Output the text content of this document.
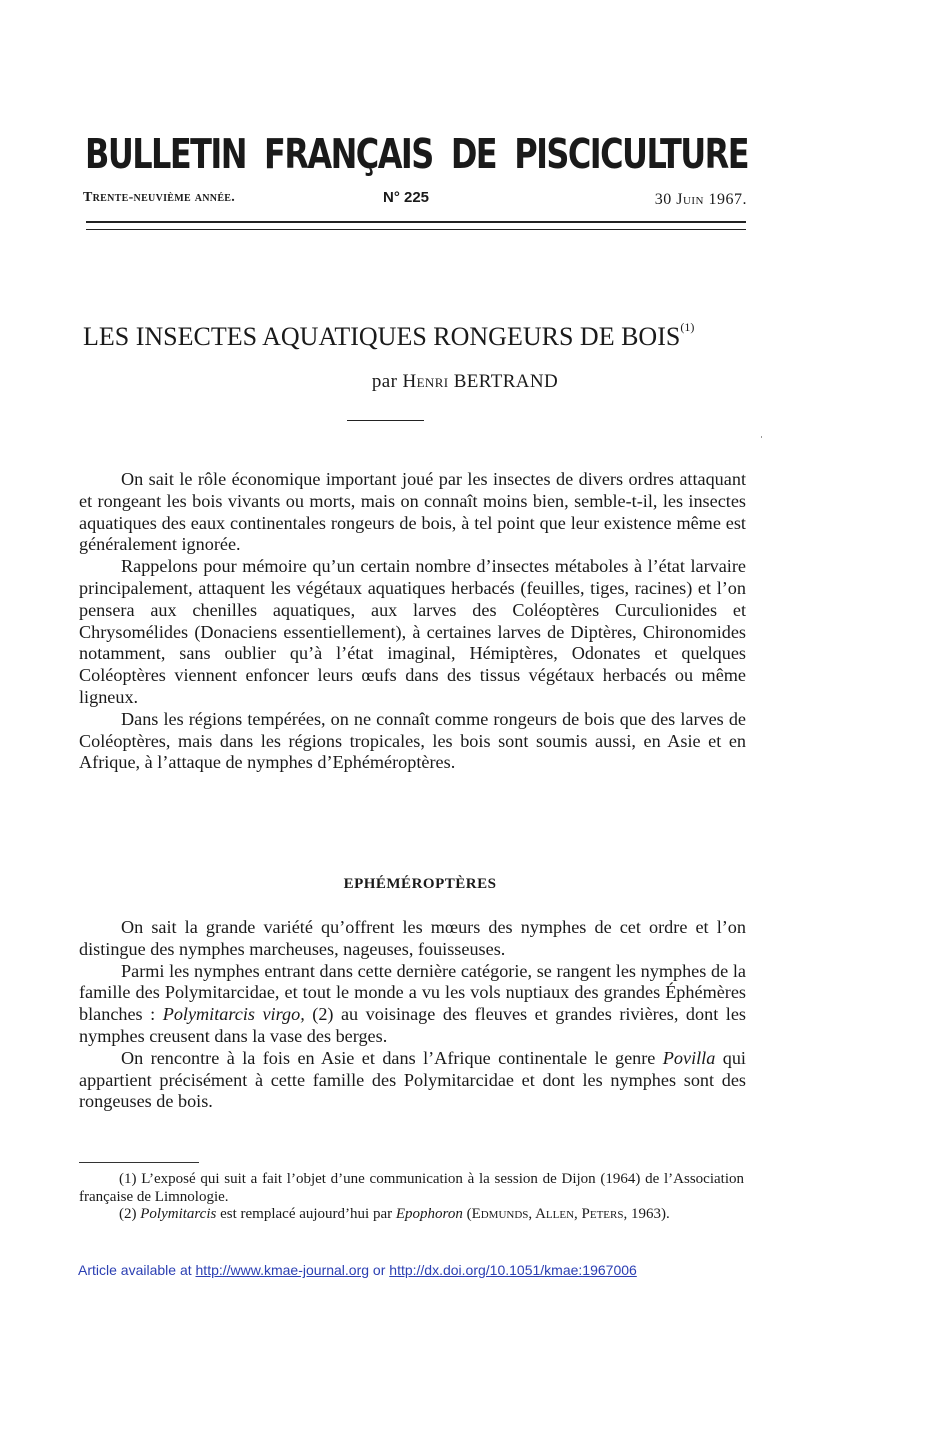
BULLETIN FRANÇAIS DE PISCICULTURE
Trente-neuvième année.	N° 225	30 Juin 1967.
LES INSECTES AQUATIQUES RONGEURS DE BOIS$^{(1)}$
par Henri BERTRAND

On sait le rôle économique important joué par les insectes de divers ordres attaquant et rongeant les bois vivants ou morts, mais on connaît moins bien, semble-t-il, les insectes aquatiques des eaux continentales rongeurs de bois, à tel point que leur existence même est généralement ignorée.

Rappelons pour mémoire qu’un certain nombre d’insectes métaboles à l’état larvaire principalement, attaquent les végétaux aquatiques herbacés (feuilles, tiges, racines) et l’on pensera aux chenilles aquatiques, aux larves des Coléoptères Curculionides et Chrysomélides (Donaciens essentiellement), à certaines larves de Diptères, Chironomides notamment, sans oublier qu’à l’état imaginal, Hémiptères, Odonates et quelques Coléoptères viennent enfoncer leurs œufs dans des tissus végétaux herbacés ou même ligneux.

Dans les régions tempérées, on ne connaît comme rongeurs de bois que des larves de Coléoptères, mais dans les régions tropicales, les bois sont soumis aussi, en Asie et en Afrique, à l’attaque de nymphes d’Ephéméroptères.

EPHÉMÉROPTÈRES

On sait la grande variété qu’offrent les mœurs des nymphes de cet ordre et l’on distingue des nymphes marcheuses, nageuses, fouisseuses.

Parmi les nymphes entrant dans cette dernière catégorie, se rangent les nymphes de la famille des Polymitarcidae, et tout le monde a vu les vols nuptiaux des grandes Éphémères blanches : Polymitarcis virgo, (2) au voisinage des fleuves et grandes rivières, dont les nymphes creusent dans la vase des berges.

On rencontre à la fois en Asie et dans l’Afrique continentale le genre Povilla qui appartient précisément à cette famille des Polymitarcidae et dont les nymphes sont des rongeuses de bois.

(1) L’exposé qui suit a fait l’objet d’une communication à la session de Dijon (1964) de l’Association française de Limnologie.

(2) Polymitarcis est remplacé aujourd’hui par Epophoron (Edmunds, Allen, Peters, 1963).

Article available at http://www.kmae-journal.org or http://dx.doi.org/10.1051/kmae:1967006
